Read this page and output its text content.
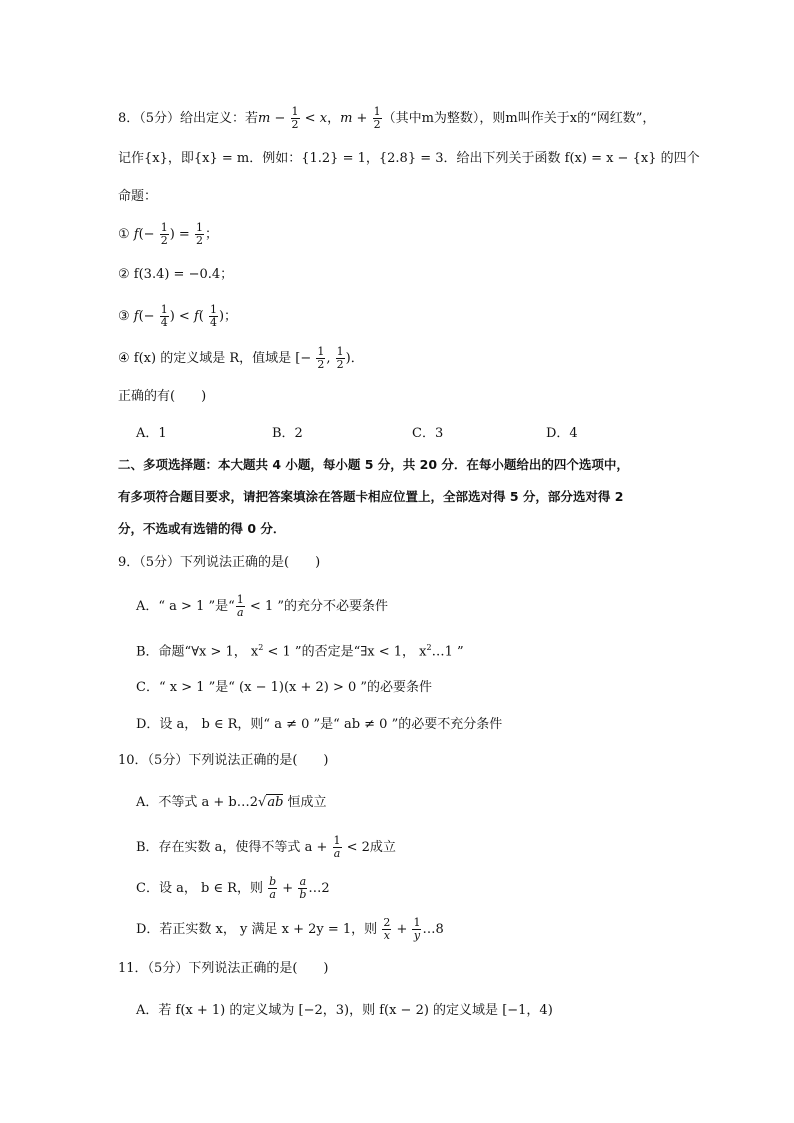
8．（5分）给出定义：若$m - \frac{1}{2} < x$，$m + \frac{1}{2}$ （其中m为整数），则m叫作关于x的“网红数”，
记作{x}，即{x} = m．例如：{1.2} = 1，{2.8} = 3．给出下列关于函数 f(x) = x − {x} 的四个
命题：
① $f(- \frac{1}{2}$ ) = $\frac{1}{2}$ ；
② f(3.4) = −0.4；
③ $f(- \frac{1}{4}$ ) < $f( \frac{1}{4}$ )；
④ f(x) 的定义域是 R，值域是 [− $\frac{1}{2}$ , $\frac{1}{2}$ )．
正确的有(　　)
A．1	B．2	C．3	D．4
二、多项选择题：本大题共 4 小题，每小题 5 分，共 20 分．在每小题给出的四个选项中，
有多项符合题目要求，请把答案填涂在答题卡相应位置上，全部选对得 5 分，部分选对得 2
分，不选或有选错的得 0 分．
9．（5分）下列说法正确的是(　　)
A．“ a > 1 ”是“ $\frac{1}{a} < 1$ ”的充分不必要条件
B．命题“∀x > 1， $x^2 < 1$ ”的否定是“∃x < 1， $x^2\dots 1$ ”
C．“ x > 1 ”是“ (x − 1)(x + 2) > 0 ”的必要条件
D．设 a， b ∈ R，则“ a ≠ 0 ”是“ ab ≠ 0 ”的必要不充分条件
10．（5分）下列说法正确的是(　　)
A．不等式 a + b…2√ab 恒成立
B．存在实数 a，使得不等式 $a + \frac{1}{a} < 2$成立
C．设 a， b ∈ R，则 $\frac{b}{a} + \frac{a}{b}$ …2
D．若正实数 x， y 满足 x + 2y = 1，则 $\frac{2}{x} + \frac{1}{y}$ …8
11．（5分）下列说法正确的是(　　)
A．若 f(x + 1) 的定义域为 [−2，3)，则 f(x − 2) 的定义域是 [−1，4)
